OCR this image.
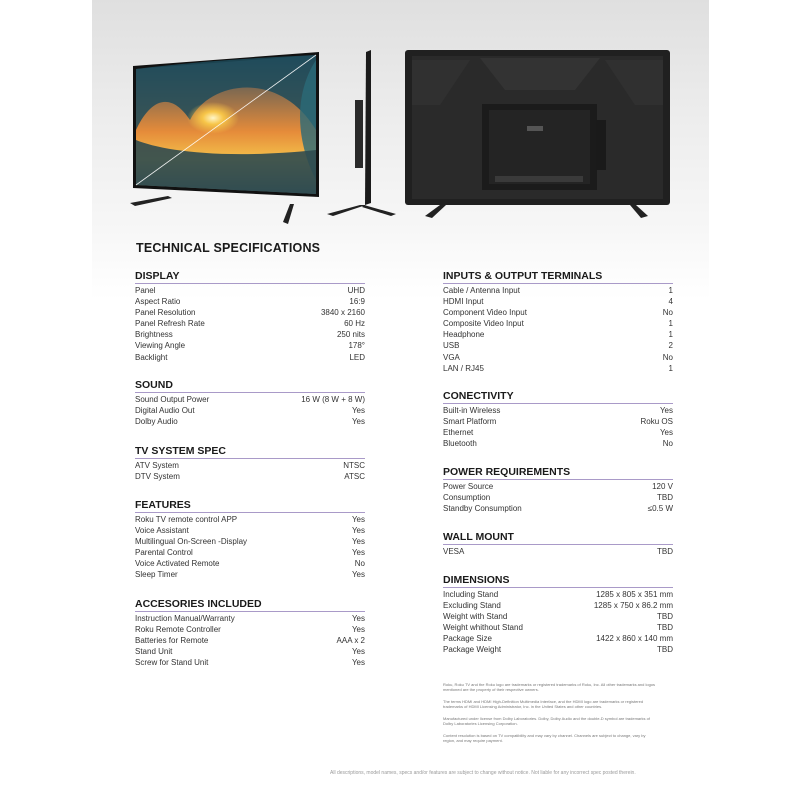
TECHNICAL SPECIFICATIONS
DISPLAY
Panel	UHD
Aspect Ratio	16:9
Panel Resolution	3840 x 2160
Panel Refresh Rate	60 Hz
Brightness	250 nits
Viewing Angle	178°
Backlight	LED
SOUND
Sound Output Power	16 W (8 W + 8 W)
Digital Audio Out	Yes
Dolby Audio	Yes
TV SYSTEM SPEC
ATV System	NTSC
DTV System	ATSC
FEATURES
Roku TV remote control APP	Yes
Voice Assistant	Yes
Multilingual On-Screen -Display	Yes
Parental Control	Yes
Voice Activated Remote	No
Sleep Timer	Yes
ACCESORIES INCLUDED
Instruction Manual/Warranty	Yes
Roku Remote Controller	Yes
Batteries for Remote	AAA x 2
Stand Unit	Yes
Screw for Stand Unit	Yes
INPUTS & OUTPUT TERMINALS
Cable / Antenna Input	1
HDMI Input	4
Component Video Input	No
Composite Video Input	1
Headphone	1
USB	2
VGA	No
LAN / RJ45	1
CONECTIVITY
Built-in Wireless	Yes
Smart Platform	Roku OS
Ethernet	Yes
Bluetooth	No
POWER REQUIREMENTS
Power Source	120 V
Consumption	TBD
Standby Consumption	≤0.5 W
WALL MOUNT
VESA	TBD
DIMENSIONS
Including Stand	1285 x 805 x 351 mm
Excluding Stand	1285 x 750 x 86.2 mm
Weight with Stand	TBD
Weight whithout Stand	TBD
Package Size	1422 x 860 x 140 mm
Package Weight	TBD
Roku, Roku TV and the Roku logo are trademarks or registered trademarks of Roku, Inc. All other trademarks and logos mentioned are the property of their respective owners.
The terms HDMI and HDMI High-Definition Multimedia Interface, and the HDMI logo are trademarks or registered trademarks of HDMI Licensing Administrator, Inc. in the United States and other countries.
Manufactured under license from Dolby Laboratories. Dolby, Dolby Audio and the double-D symbol are trademarks of Dolby Laboratories Licensing Corporation.
Content resolution is based on TV compatibility and may vary by channel. Channels are subject to change, vary by region, and may require payment.
All descriptions, model names, specs and/or features are subject to change without notice. Not liable for any incorrect spec posted therein.
